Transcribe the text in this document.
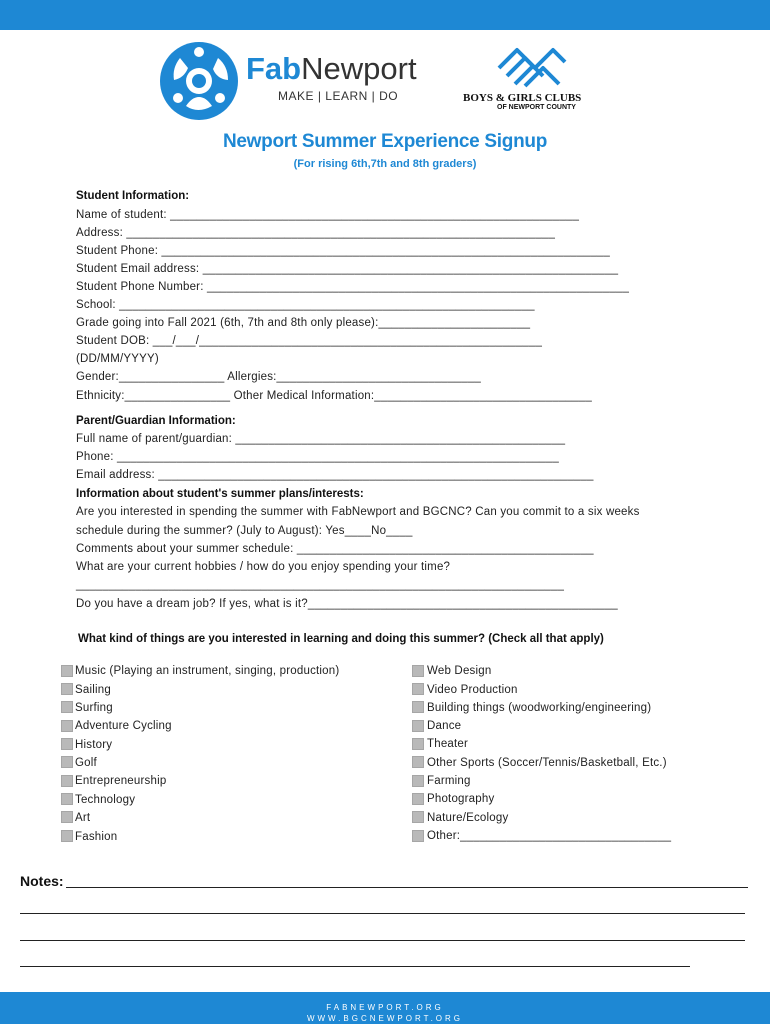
FabNewport
MAKE | LEARN | DO	BOYS & GIRLS CLUBS
OF NEWPORT COUNTY
Newport Summer Experience Signup
(For rising 6th,7th and 8th graders)
Student Information:
Name of student: ______________________________________________________________
Address: _________________________________________________________________
Student Phone: ____________________________________________________________________
Student Email address: _______________________________________________________________
Student Phone Number: ________________________________________________________________
School: _______________________________________________________________
Grade going into Fall 2021 (6th, 7th and 8th only please):_______________________
Student DOB: ___/___/____________________________________________________
(DD/MM/YYYY)
Gender:________________ Allergies:_______________________________
Ethnicity:________________ Other Medical Information:_________________________________
Parent/Guardian Information:
Full name of parent/guardian: __________________________________________________
Phone: ___________________________________________________________________
Email address: __________________________________________________________________
Information about student's summer plans/interests:
Are you interested in spending the summer with FabNewport and BGCNC? Can you commit to a six weeks
schedule during the summer? (July to August): Yes____No____
Comments about your summer schedule: _____________________________________________
What are your current hobbies / how do you enjoy spending your time?
__________________________________________________________________________
Do you have a dream job? If yes, what is it?_______________________________________________
What kind of things are you interested in learning and doing this summer? (Check all that apply)
Music (Playing an instrument, singing, production)
Sailing
Surfing
Adventure Cycling
History
Golf
Entrepreneurship
Technology
Art
Fashion
Web Design
Video Production
Building things (woodworking/engineering)
Dance
Theater
Other Sports (Soccer/Tennis/Basketball, Etc.)
Farming
Photography
Nature/Ecology
Other:________________________________
Notes:
FABNEWPORT.ORG
WWW.BGCNEWPORT.ORG
